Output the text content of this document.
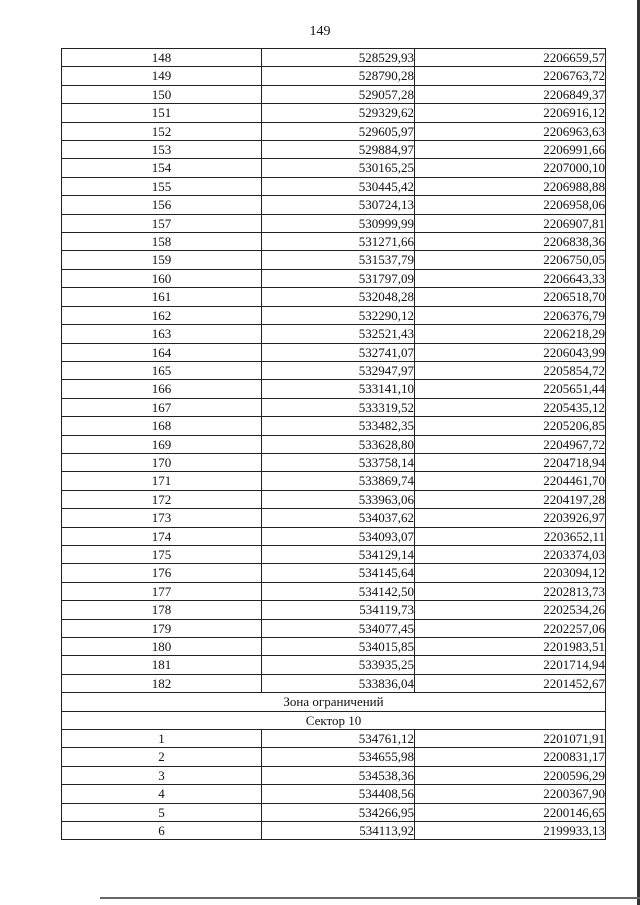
149
148	528529,93	2206659,57
149	528790,28	2206763,72
150	529057,28	2206849,37
151	529329,62	2206916,12
152	529605,97	2206963,63
153	529884,97	2206991,66
154	530165,25	2207000,10
155	530445,42	2206988,88
156	530724,13	2206958,06
157	530999,99	2206907,81
158	531271,66	2206838,36
159	531537,79	2206750,05
160	531797,09	2206643,33
161	532048,28	2206518,70
162	532290,12	2206376,79
163	532521,43	2206218,29
164	532741,07	2206043,99
165	532947,97	2205854,72
166	533141,10	2205651,44
167	533319,52	2205435,12
168	533482,35	2205206,85
169	533628,80	2204967,72
170	533758,14	2204718,94
171	533869,74	2204461,70
172	533963,06	2204197,28
173	534037,62	2203926,97
174	534093,07	2203652,11
175	534129,14	2203374,03
176	534145,64	2203094,12
177	534142,50	2202813,73
178	534119,73	2202534,26
179	534077,45	2202257,06
180	534015,85	2201983,51
181	533935,25	2201714,94
182	533836,04	2201452,67
Зона ограничений		
Сектор 10		
1	534761,12	2201071,91
2	534655,98	2200831,17
3	534538,36	2200596,29
4	534408,56	2200367,90
5	534266,95	2200146,65
6	534113,92	2199933,13
